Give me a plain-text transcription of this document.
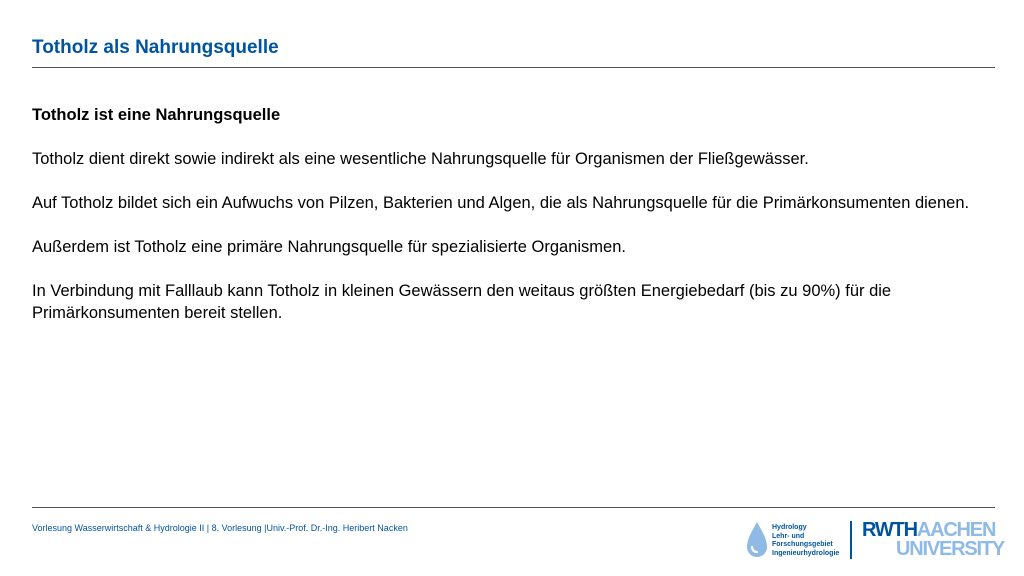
Totholz als Nahrungsquelle

Totholz ist eine Nahrungsquelle

Totholz dient direkt sowie indirekt als eine wesentliche Nahrungsquelle für Organismen der Fließgewässer.

Auf Totholz bildet sich ein Aufwuchs von Pilzen, Bakterien und Algen, die als Nahrungsquelle für die Primärkonsumenten dienen.

Außerdem ist Totholz eine primäre Nahrungsquelle für spezialisierte Organismen.

In Verbindung mit Falllaub kann Totholz in kleinen Gewässern den weitaus größten Energiebedarf (bis zu 90%) für die Primärkonsumenten bereit stellen.

Vorlesung Wasserwirtschaft & Hydrologie II | 8. Vorlesung |Univ.-Prof. Dr.-Ing. Heribert Nacken	Hydrology
Lehr- und
Forschungsgebiet
Ingenieurhydrologie
RWTHAACHEN
UNIVERSITY
